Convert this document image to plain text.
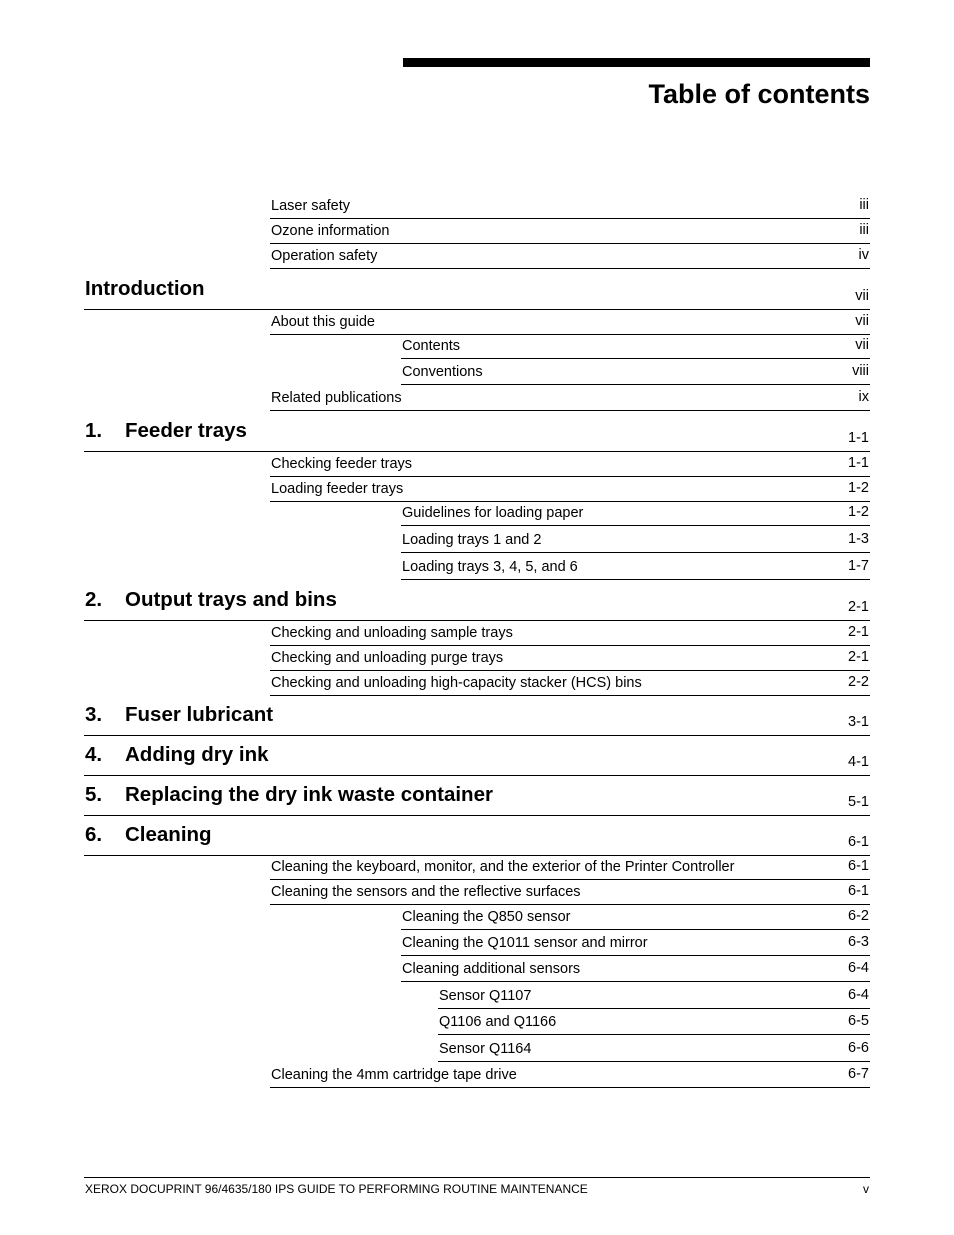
Table of contents
Laser safety	iii
Ozone information	iii
Operation safety	iv
Introduction	vii
About this guide	vii
Contents	vii
Conventions	viii
Related publications	ix
1. Feeder trays	1-1
Checking feeder trays	1-1
Loading feeder trays	1-2
Guidelines for loading paper	1-2
Loading trays 1 and 2	1-3
Loading trays 3, 4, 5, and 6	1-7
2. Output trays and bins	2-1
Checking and unloading sample trays	2-1
Checking and unloading purge trays	2-1
Checking and unloading high-capacity stacker (HCS) bins	2-2
3. Fuser lubricant	3-1
4. Adding dry ink	4-1
5. Replacing the dry ink waste container	5-1
6. Cleaning	6-1
Cleaning the keyboard, monitor, and the exterior of the Printer Controller	6-1
Cleaning the sensors and the reflective surfaces	6-1
Cleaning the Q850 sensor	6-2
Cleaning the Q1011 sensor and mirror	6-3
Cleaning additional sensors	6-4
Sensor Q1107	6-4
Q1106 and Q1166	6-5
Sensor Q1164	6-6
Cleaning the 4mm cartridge tape drive	6-7
XEROX DOCUPRINT 96/4635/180 IPS GUIDE TO PERFORMING ROUTINE MAINTENANCE	v
